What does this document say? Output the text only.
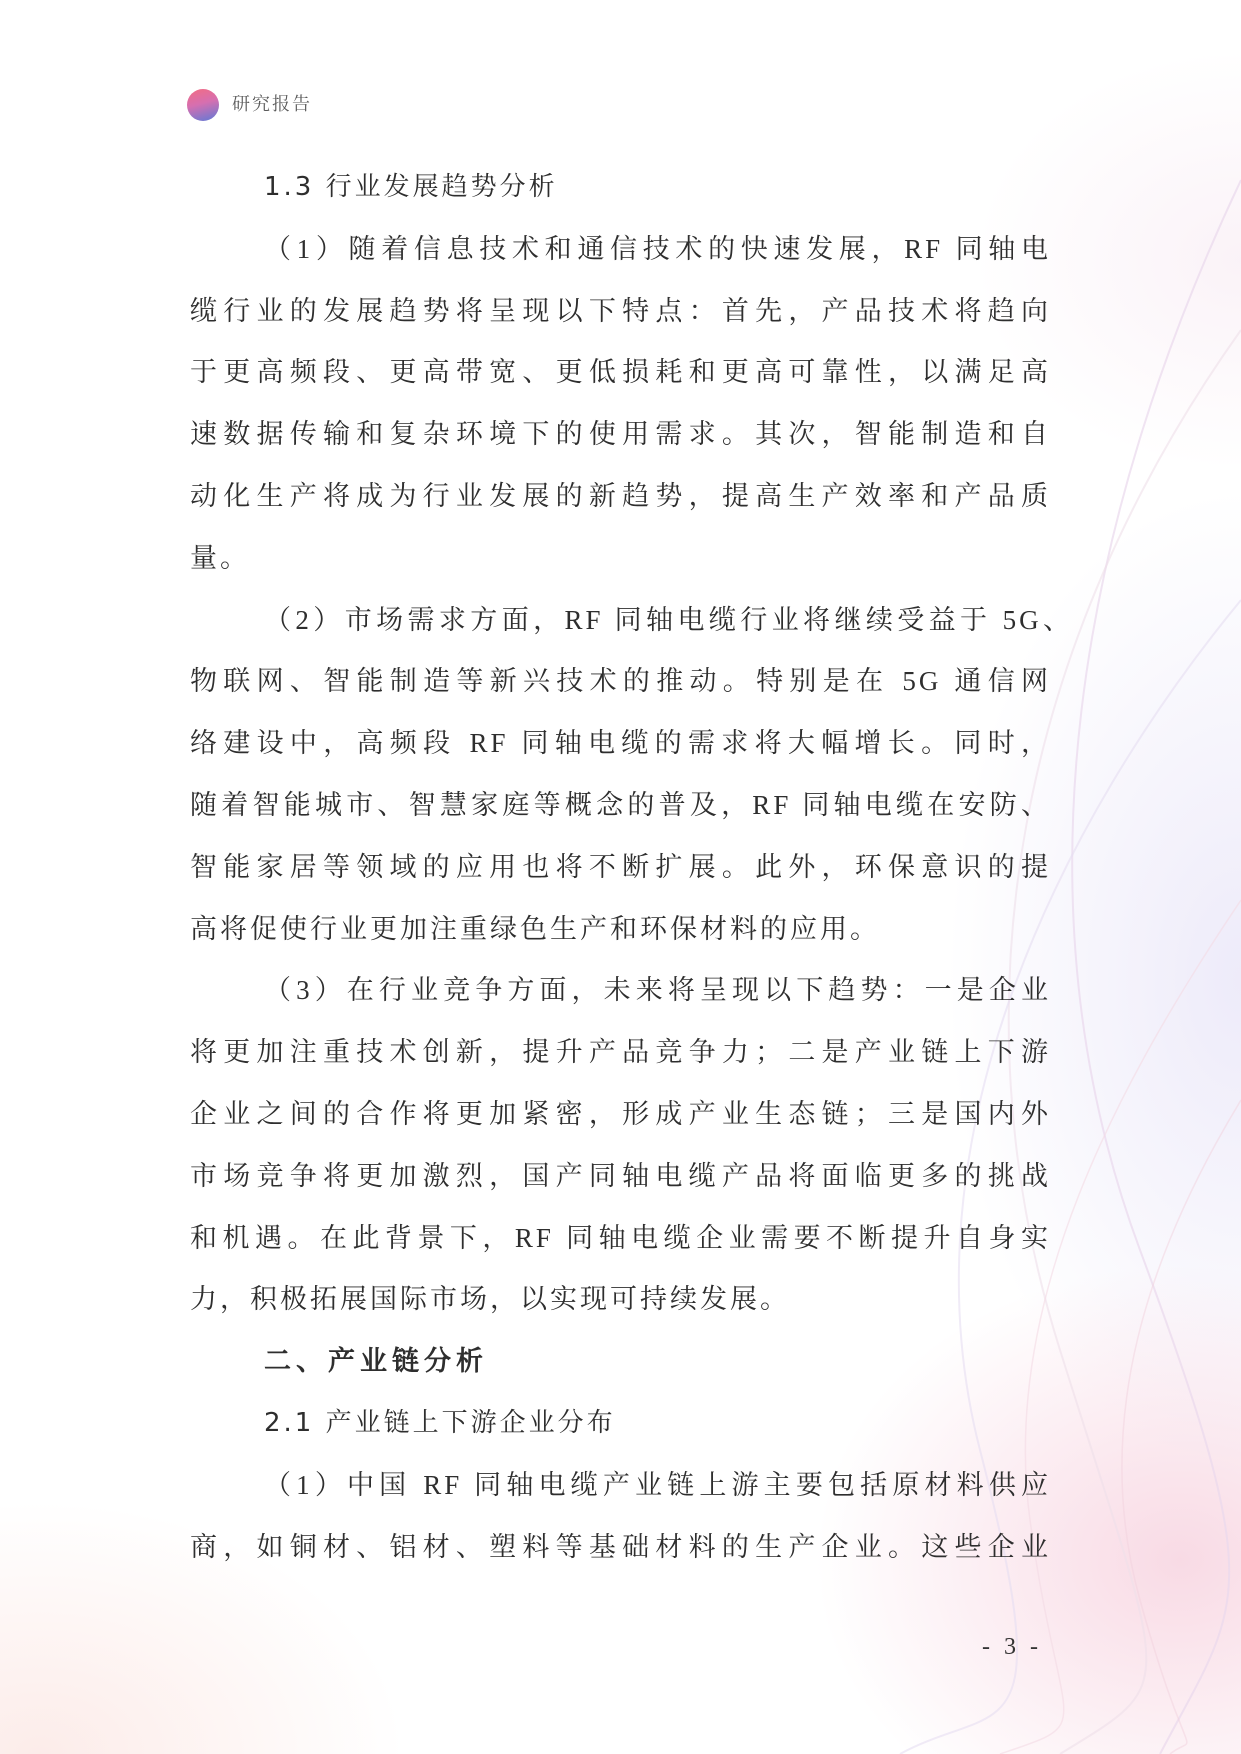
研究报告
1.3 行业发展趋势分析
（1）随着信息技术和通信技术的快速发展，RF 同轴电
缆行业的发展趋势将呈现以下特点：首先，产品技术将趋向
于更高频段、更高带宽、更低损耗和更高可靠性，以满足高
速数据传输和复杂环境下的使用需求。其次，智能制造和自
动化生产将成为行业发展的新趋势，提高生产效率和产品质
量。
（2）市场需求方面，RF 同轴电缆行业将继续受益于 5G、
物联网、智能制造等新兴技术的推动。特别是在 5G 通信网
络建设中，高频段 RF 同轴电缆的需求将大幅增长。同时，
随着智能城市、智慧家庭等概念的普及，RF 同轴电缆在安防、
智能家居等领域的应用也将不断扩展。此外，环保意识的提
高将促使行业更加注重绿色生产和环保材料的应用。
（3）在行业竞争方面，未来将呈现以下趋势：一是企业
将更加注重技术创新，提升产品竞争力；二是产业链上下游
企业之间的合作将更加紧密，形成产业生态链；三是国内外
市场竞争将更加激烈，国产同轴电缆产品将面临更多的挑战
和机遇。在此背景下，RF 同轴电缆企业需要不断提升自身实
力，积极拓展国际市场，以实现可持续发展。
二、产业链分析
2.1 产业链上下游企业分布
（1）中国 RF 同轴电缆产业链上游主要包括原材料供应
商，如铜材、铝材、塑料等基础材料的生产企业。这些企业
- 3 -
